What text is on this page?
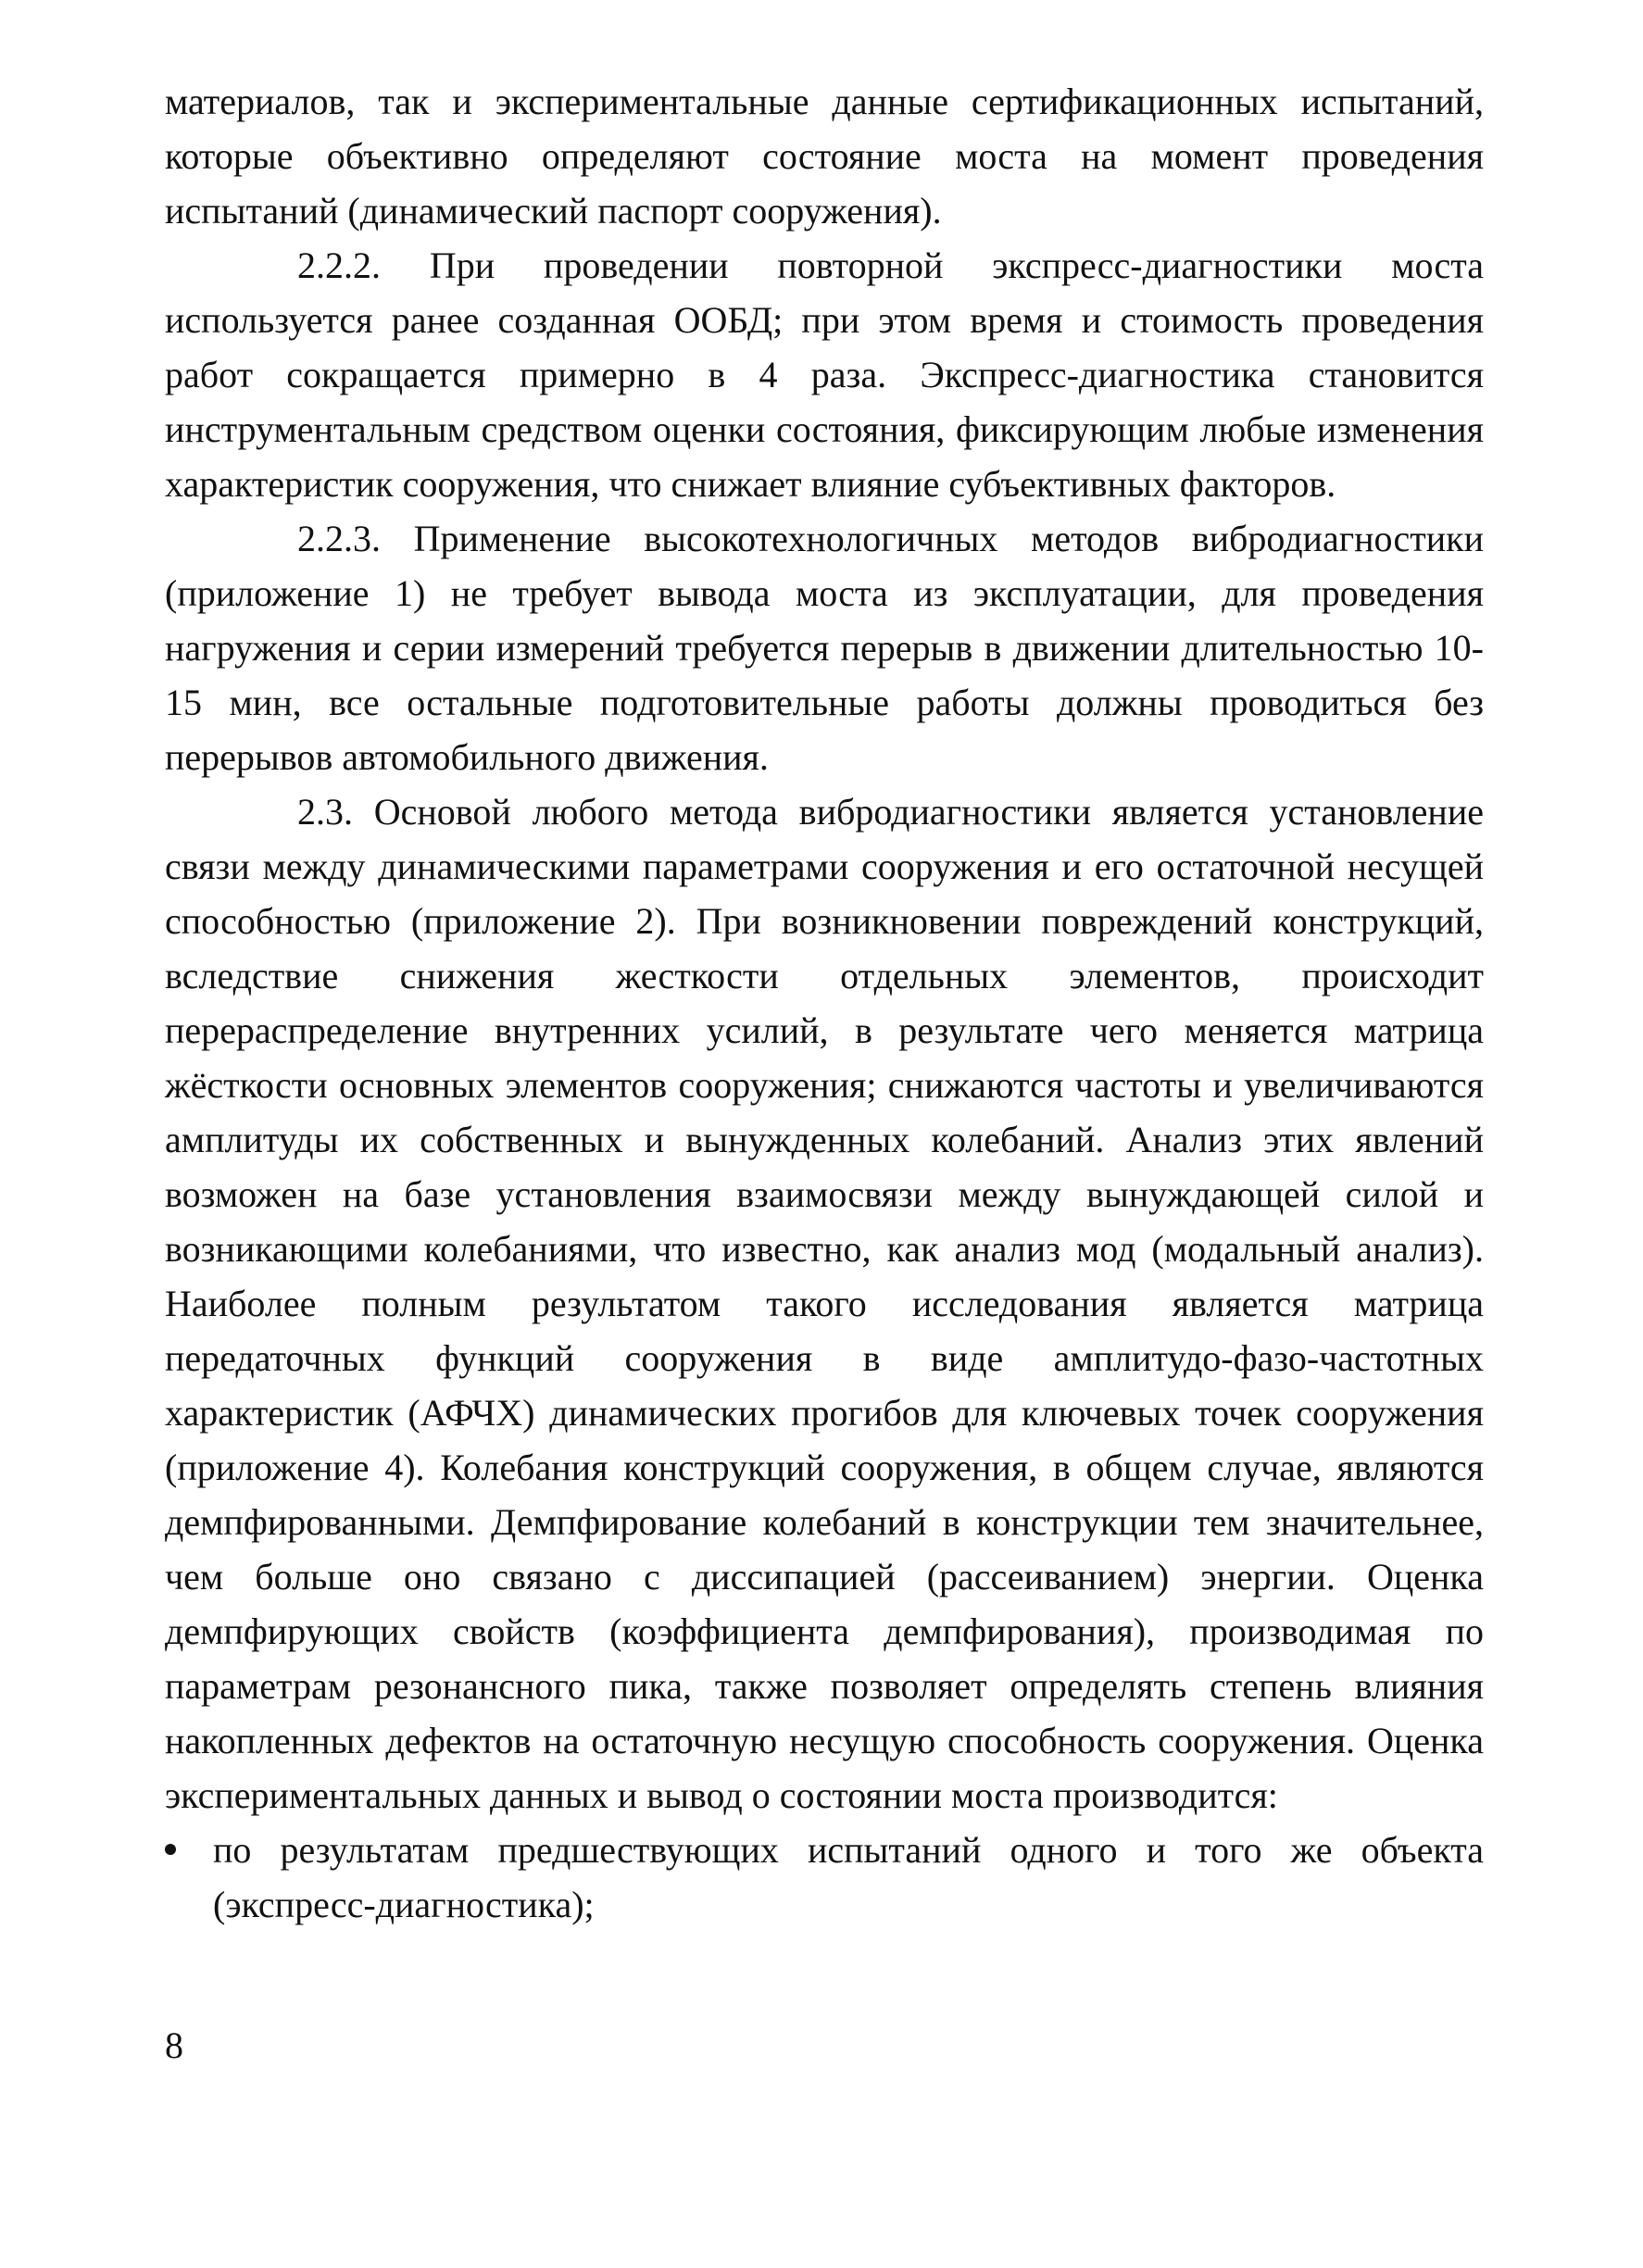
материалов, так и экспериментальные данные сертификационных испытаний, которые объективно определяют состояние моста на момент проведения испытаний (динамический паспорт сооружения).

2.2.2. При проведении повторной экспресс-диагностики моста используется ранее созданная ООБД; при этом время и стоимость проведения работ сокращается примерно в 4 раза. Экспресс-диагностика становится инструментальным средством оценки состояния, фиксирующим любые изменения характеристик сооружения, что снижает влияние субъективных факторов.

2.2.3. Применение высокотехнологичных методов вибродиагностики (приложение 1) не требует вывода моста из эксплуатации, для проведения нагружения и серии измерений требуется перерыв в движении длительностью 10-15 мин, все остальные подготовительные работы должны проводиться без перерывов автомобильного движения.

2.3. Основой любого метода вибродиагностики является установление связи между динамическими параметрами сооружения и его остаточной несущей способностью (приложение 2). При возникновении повреждений конструкций, вследствие снижения жесткости отдельных элементов, происходит перераспределение внутренних усилий, в результате чего меняется матрица жёсткости основных элементов сооружения; снижаются частоты и увеличиваются амплитуды их собственных и вынужденных колебаний. Анализ этих явлений возможен на базе установления взаимосвязи между вынуждающей силой и возникающими колебаниями, что известно, как анализ мод (модальный анализ). Наиболее полным результатом такого исследования является матрица передаточных функций сооружения в виде амплитудо-фазо-частотных характеристик (АФЧХ) динамических прогибов для ключевых точек сооружения (приложение 4). Колебания конструкций сооружения, в общем случае, являются демпфированными. Демпфирование колебаний в конструкции тем значительнее, чем больше оно связано с диссипацией (рассеиванием) энергии. Оценка демпфирующих свойств (коэффициента демпфирования), производимая по параметрам резонансного пика, также позволяет определять степень влияния накопленных дефектов на остаточную несущую способность сооружения. Оценка экспериментальных данных и вывод о состоянии моста производится:

по результатам предшествующих испытаний одного и того же объекта (экспресс-диагностика);
8
